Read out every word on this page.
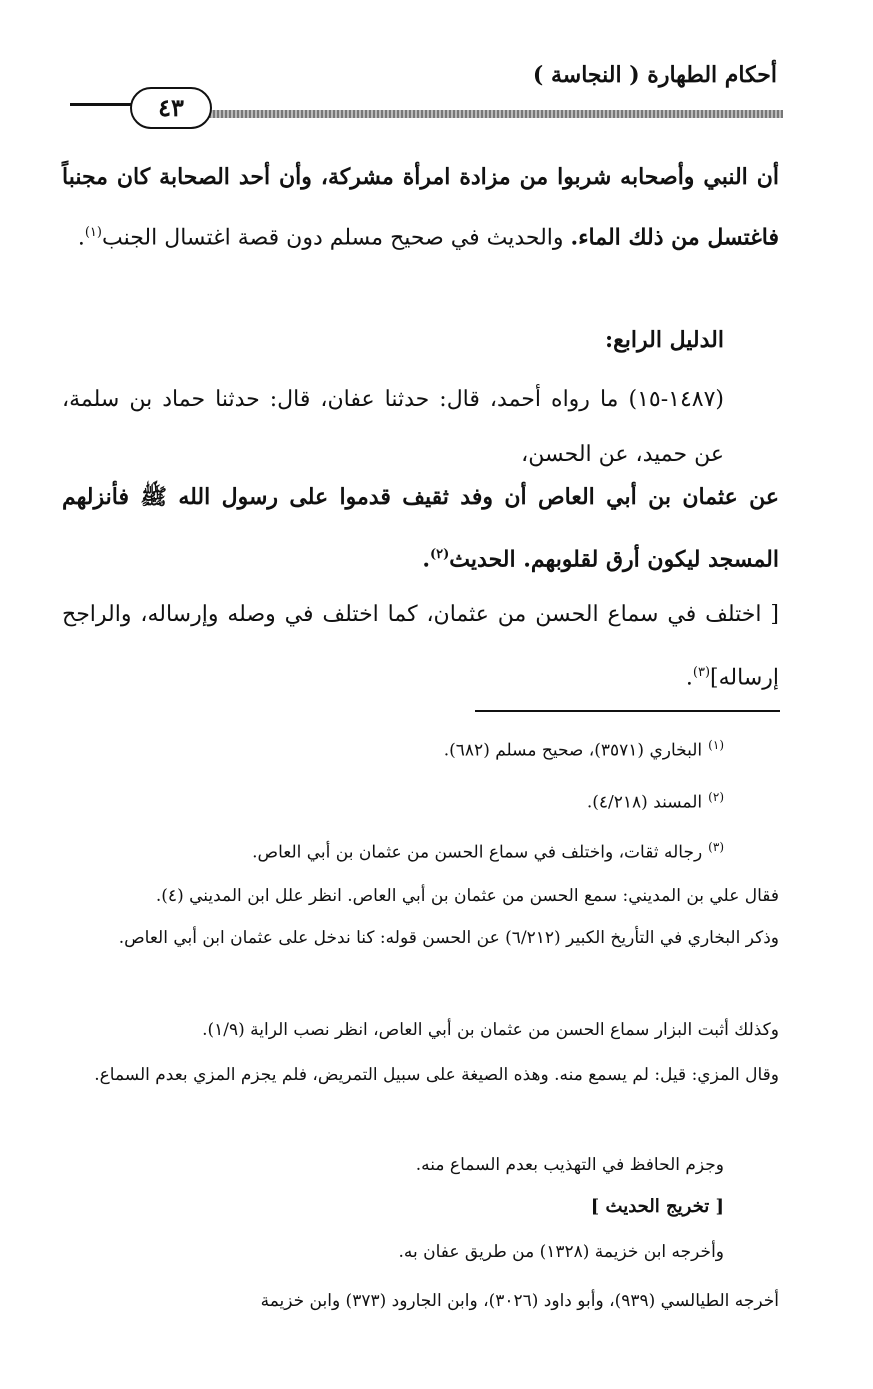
أحكام الطهارة ( النجاسة )
٤٣

أن النبي وأصحابه شربوا من مزادة امرأة مشركة، وأن أحد الصحابة كان مجنباً فاغتسل من ذلك الماء. والحديث في صحيح مسلم دون قصة اغتسال الجنب$^{(١)}$.

الدليل الرابع:

(١٤٨٧-١٥) ما رواه أحمد، قال: حدثنا عفان، قال: حدثنا حماد بن سلمة، عن حميد، عن الحسن،

عن عثمان بن أبي العاص أن وفد ثقيف قدموا على رسول الله ﷺ فأنزلهم المسجد ليكون أرق لقلوبهم. الحديث$^{(٢)}$.

[ اختلف في سماع الحسن من عثمان، كما اختلف في وصله وإرساله، والراجح إرساله]$^{(٣)}$.

$^{(١)}$البخاري (٣٥٧١)، صحيح مسلم (٦٨٢).
$^{(٢)}$المسند (٤/٢١٨).
$^{(٣)}$رجاله ثقات، واختلف في سماع الحسن من عثمان بن أبي العاص.
فقال علي بن المديني: سمع الحسن من عثمان بن أبي العاص. انظر علل ابن المديني (٤).
وذكر البخاري في التأريخ الكبير (٦/٢١٢) عن الحسن قوله: كنا ندخل على عثمان ابن أبي العاص.
وكذلك أثبت البزار سماع الحسن من عثمان بن أبي العاص، انظر نصب الراية (١/٩).
وقال المزي: قيل: لم يسمع منه. وهذه الصيغة على سبيل التمريض، فلم يجزم المزي بعدم السماع.
وجزم الحافظ في التهذيب بعدم السماع منه.
[ تخريج الحديث ]
وأخرجه ابن خزيمة (١٣٢٨) من طريق عفان به.
أخرجه الطيالسي (٩٣٩)، وأبو داود (٣٠٢٦)، وابن الجارود (٣٧٣) وابن خزيمة
